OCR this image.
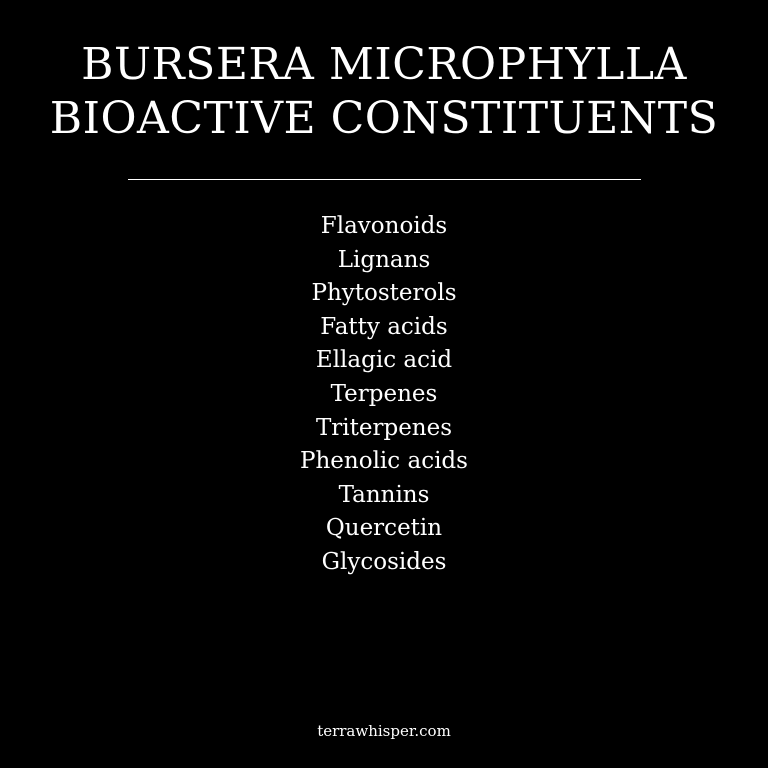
BURSERA MICROPHYLLA
BIOACTIVE CONSTITUENTS
Flavonoids
Lignans
Phytosterols
Fatty acids
Ellagic acid
Terpenes
Triterpenes
Phenolic acids
Tannins
Quercetin
Glycosides
terrawhisper.com
